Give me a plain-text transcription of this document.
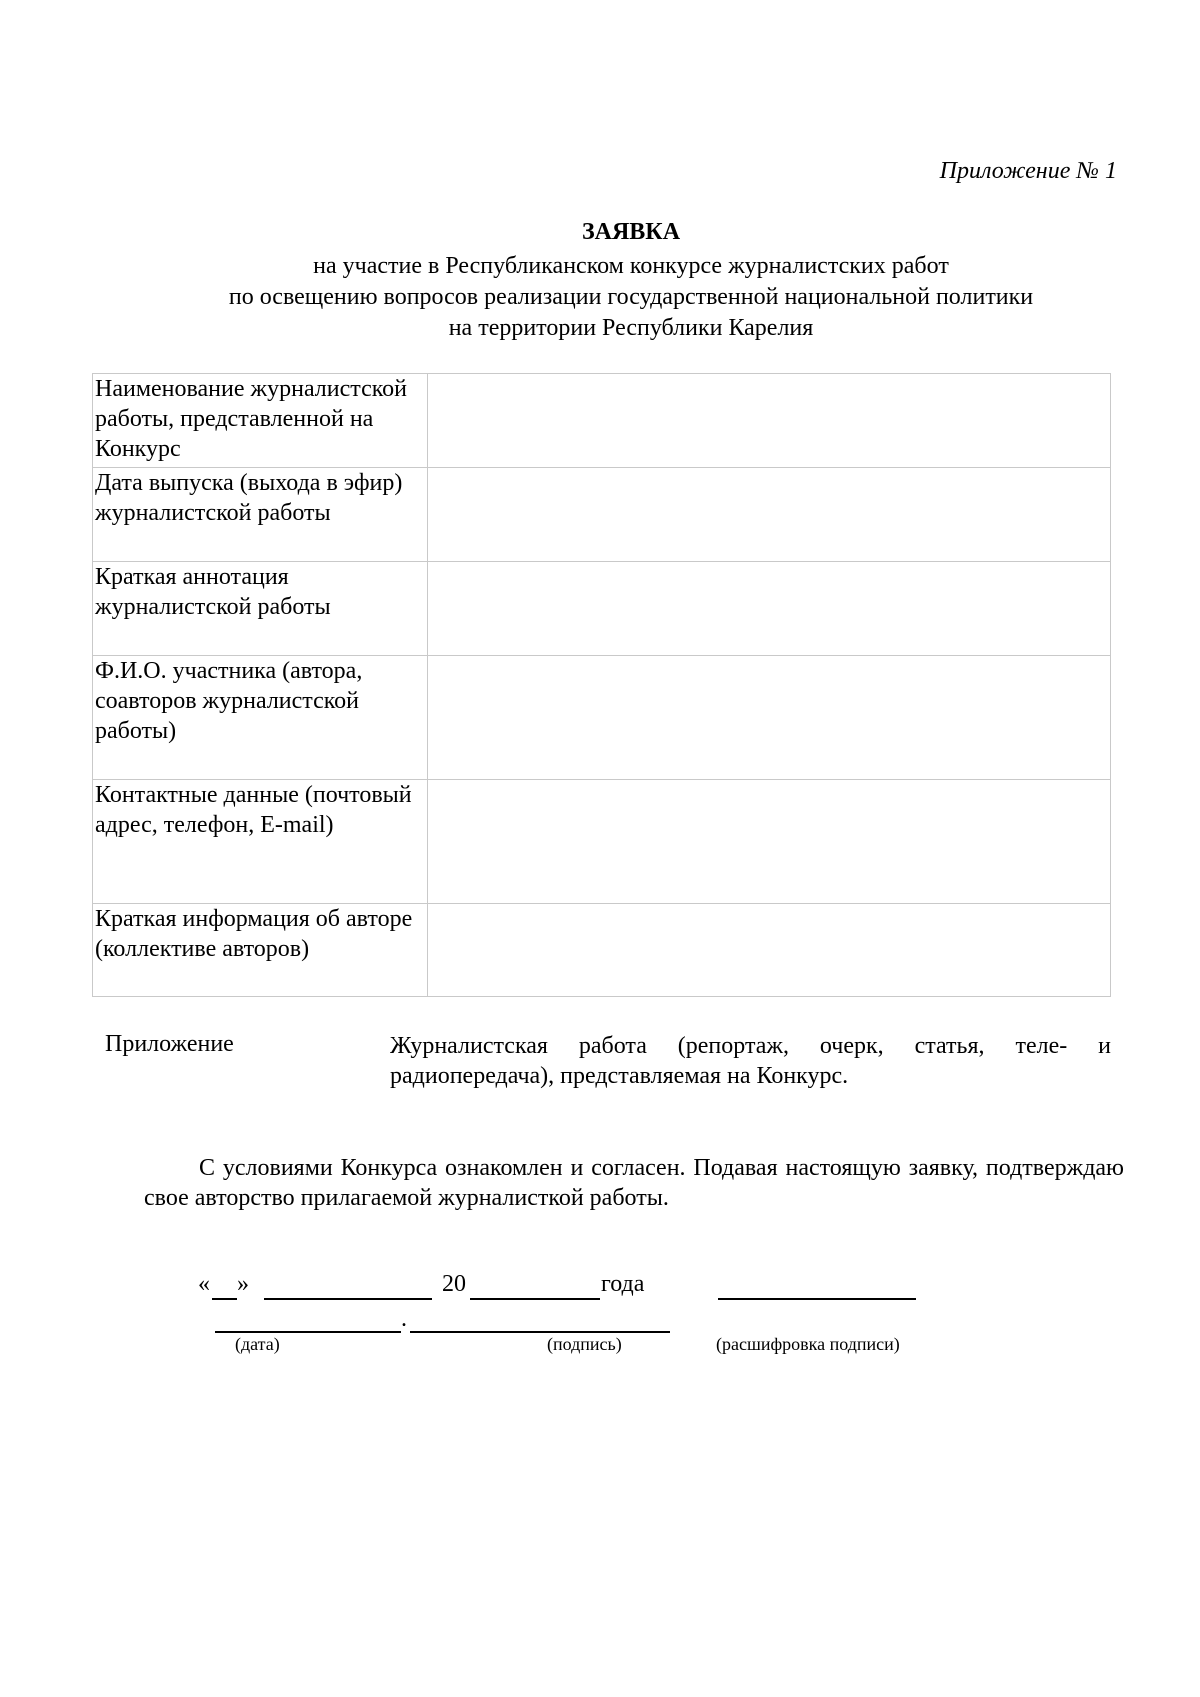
Приложение № 1
ЗАЯВКА
на участие в Республиканском конкурсе журналистских работ
по освещению вопросов реализации государственной национальной политики
на территории Республики Карелия
Наименование журналистской работы, представленной на Конкурс	
Дата выпуска (выхода в эфир) журналистской работы	
Краткая аннотация журналистской работы	
Ф.И.О. участника (автора, соавторов журналистской работы)	
Контактные данные (почтовый адрес, телефон, E-mail)	
Краткая информация об авторе (коллективе авторов)	
Приложение	Журналистская работа (репортаж, очерк, статья, теле- и радиопередача), представляемая на Конкурс.
С условиями Конкурса ознакомлен и согласен. Подавая настоящую заявку, подтверждаю свое авторство прилагаемой журналисткой работы.
« »	20	года
.
(дата)	(подпись)	(расшифровка подписи)
